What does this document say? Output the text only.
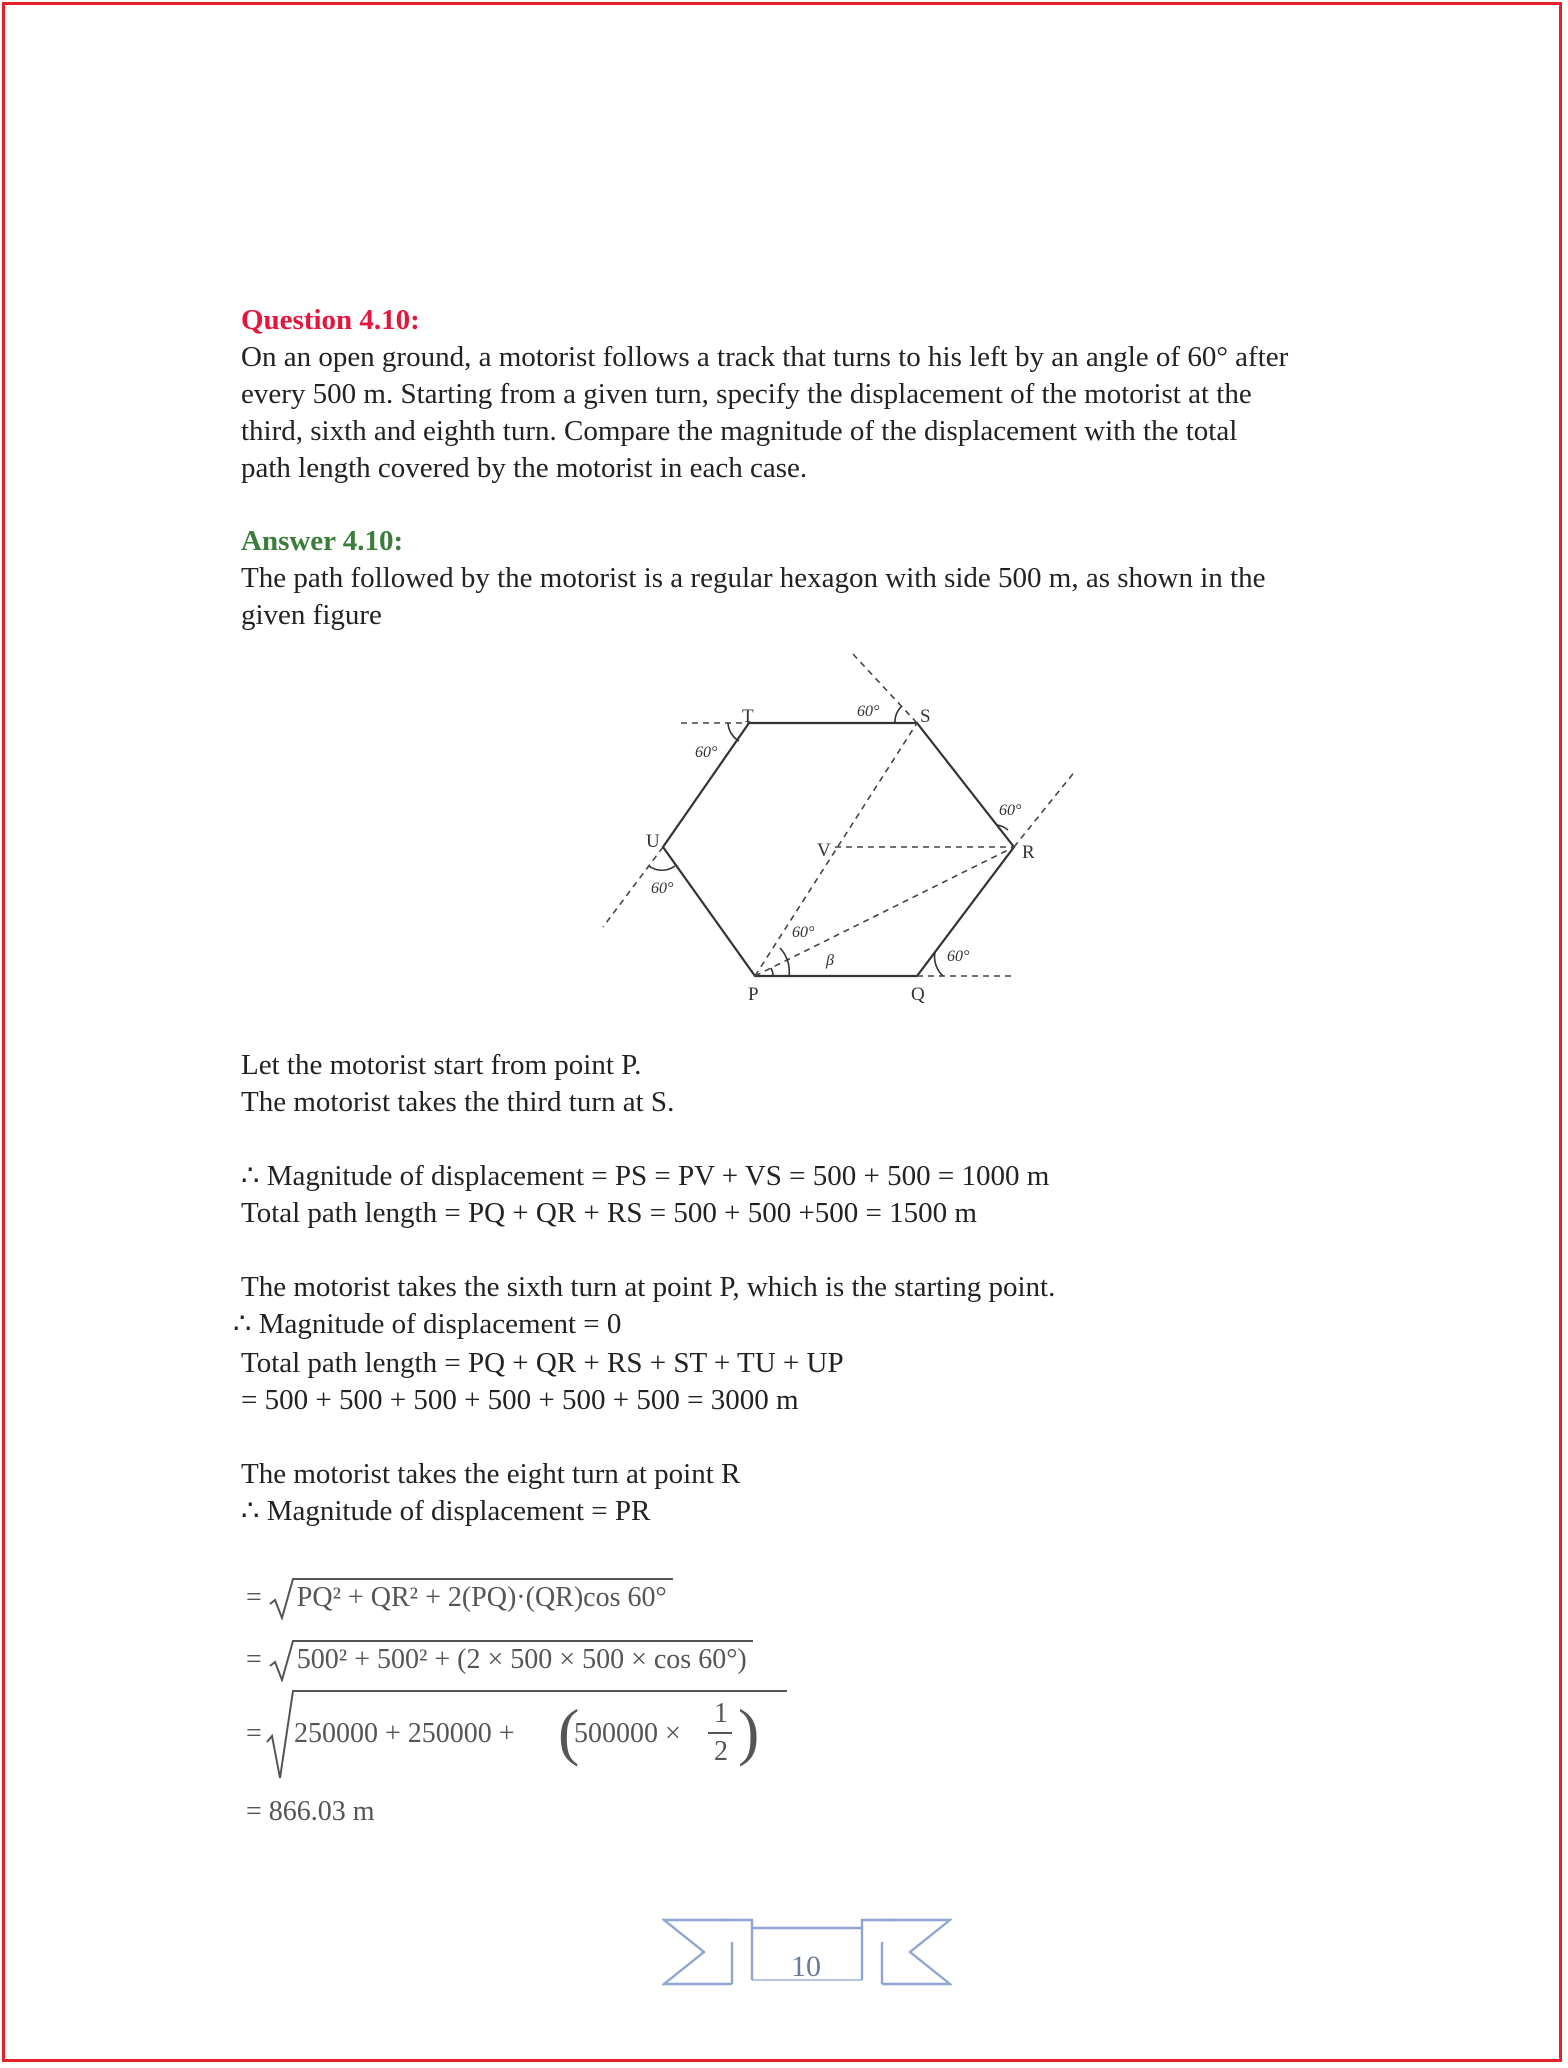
Question 4.10:

On an open ground, a motorist follows a track that turns to his left by an angle of 60° after

every 500 m. Starting from a given turn, specify the displacement of the motorist at the

third, sixth and eighth turn. Compare the magnitude of the displacement with the total

path length covered by the motorist in each case.

Answer 4.10:

The path followed by the motorist is a regular hexagon with side 500 m, as shown in the

given figure

P	Q
R
S
T
U	V
60°
60°
60°
60°
60°
β	60°
Let the motorist start from point P.
The motorist takes the third turn at S.
∴ Magnitude of displacement = PS = PV + VS = 500 + 500 = 1000 m
Total path length = PQ + QR + RS = 500 + 500 +500 = 1500 m
The motorist takes the sixth turn at point P, which is the starting point.
∴ Magnitude of displacement = 0
Total path length = PQ + QR + RS + ST + TU + UP
= 500 + 500 + 500 + 500 + 500 + 500 = 3000 m
The motorist takes the eight turn at point R
∴ Magnitude of displacement = PR
= PQ² + QR² + 2(PQ)·(QR)cos 60°
= 500² + 500² + (2 × 500 × 500 × cos 60°)
= 250000 + 250000 + (
500000 ×
1
2 )
= 866.03 m
10
